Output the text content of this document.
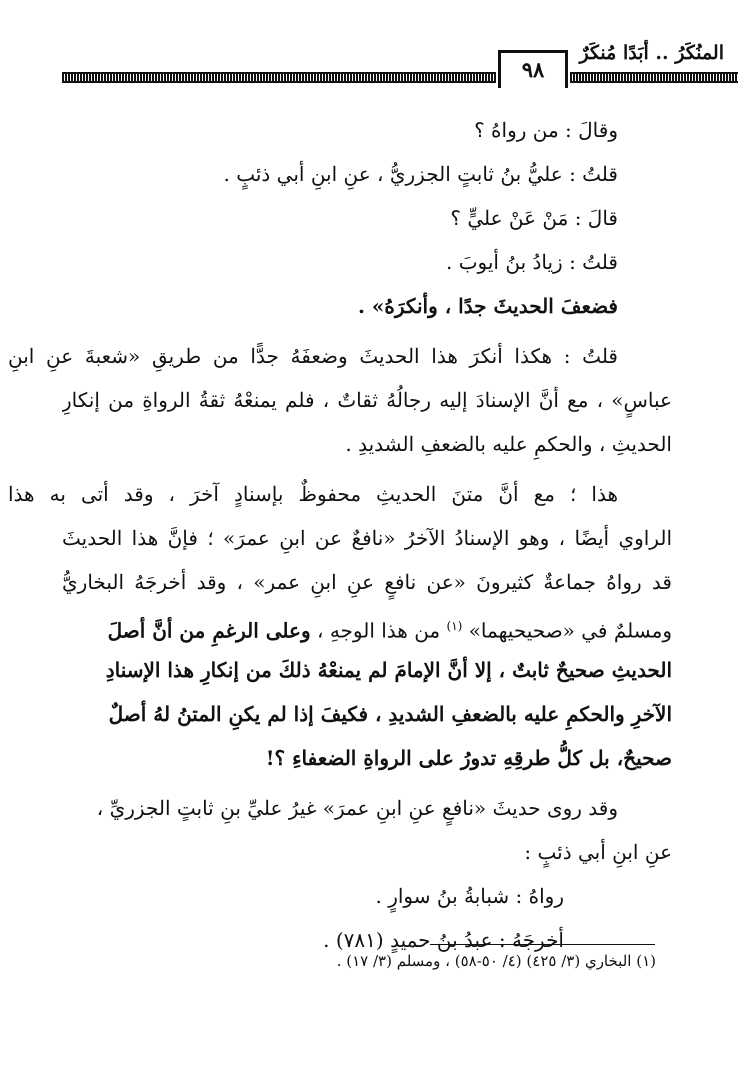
المنُكَرُ .. أبَدًا مُنكَرٌ
٩٨
وقالَ : من رواهُ ؟
قلتُ : عليُّ بنُ ثابتٍ الجزريُّ ، عنِ ابنِ أبي ذئبٍ .
قالَ : مَنْ عَنْ عليٍّ ؟
قلتُ : زيادُ بنُ أيوبَ .
فضعفَ الحديثَ جدًا ، وأنكرَهُ» .
قلتُ : هكذا أنكرَ هذا الحديثَ وضعفَهُ جدًّا من طريقِ «شعبةَ عنِ ابنِ
عباسٍ» ، مع أنَّ الإسنادَ إليه رجالُهُ ثقاتٌ ، فلم يمنعْهُ ثقةُ الرواةِ من إنكارِ
الحديثِ ، والحكمِ عليه بالضعفِ الشديدِ .
هذا ؛ مع أنَّ متنَ الحديثِ محفوظٌ بإسنادٍ آخرَ ، وقد أتى به هذا
الراوي أيضًا ، وهو الإسنادُ الآخرُ «نافعٌ عن ابنِ عمرَ» ؛ فإنَّ هذا الحديثَ
قد رواهُ جماعةٌ كثيرونَ «عن نافعٍ عنِ ابنِ عمر» ، وقد أخرجَهُ البخاريُّ
ومسلمٌ في «صحيحيهما» $^{(١)}$ من هذا الوجهِ ، وعلى الرغمِ من أنَّ أصلَ
الحديثِ صحيحٌ ثابتٌ ، إلا أنَّ الإمامَ لم يمنعْهُ ذلكَ من إنكارِ هذا الإسنادِ
الآخرِ والحكمِ عليه بالضعفِ الشديدِ ، فكيفَ إذا لم يكنِ المتنُ لهُ أصلٌ
صحيحٌ، بل كلُّ طرقِهِ تدورُ على الرواةِ الضعفاءِ ؟!
وقد روى حديثَ «نافعٍ عنِ ابنِ عمرَ» غيرُ عليِّ بنِ ثابتٍ الجزريِّ ،
عنِ ابنِ أبي ذئبٍ :
رواهُ : شبابةُ بنُ سوارٍ .
أخرجَهُ : عبدُ بنُ حميدٍ (٧٨١) .
(١) البخاري (٣/ ٤٢٥) (٤/ ٥٠-٥٨) ، ومسلم (٣/ ١٧) .
